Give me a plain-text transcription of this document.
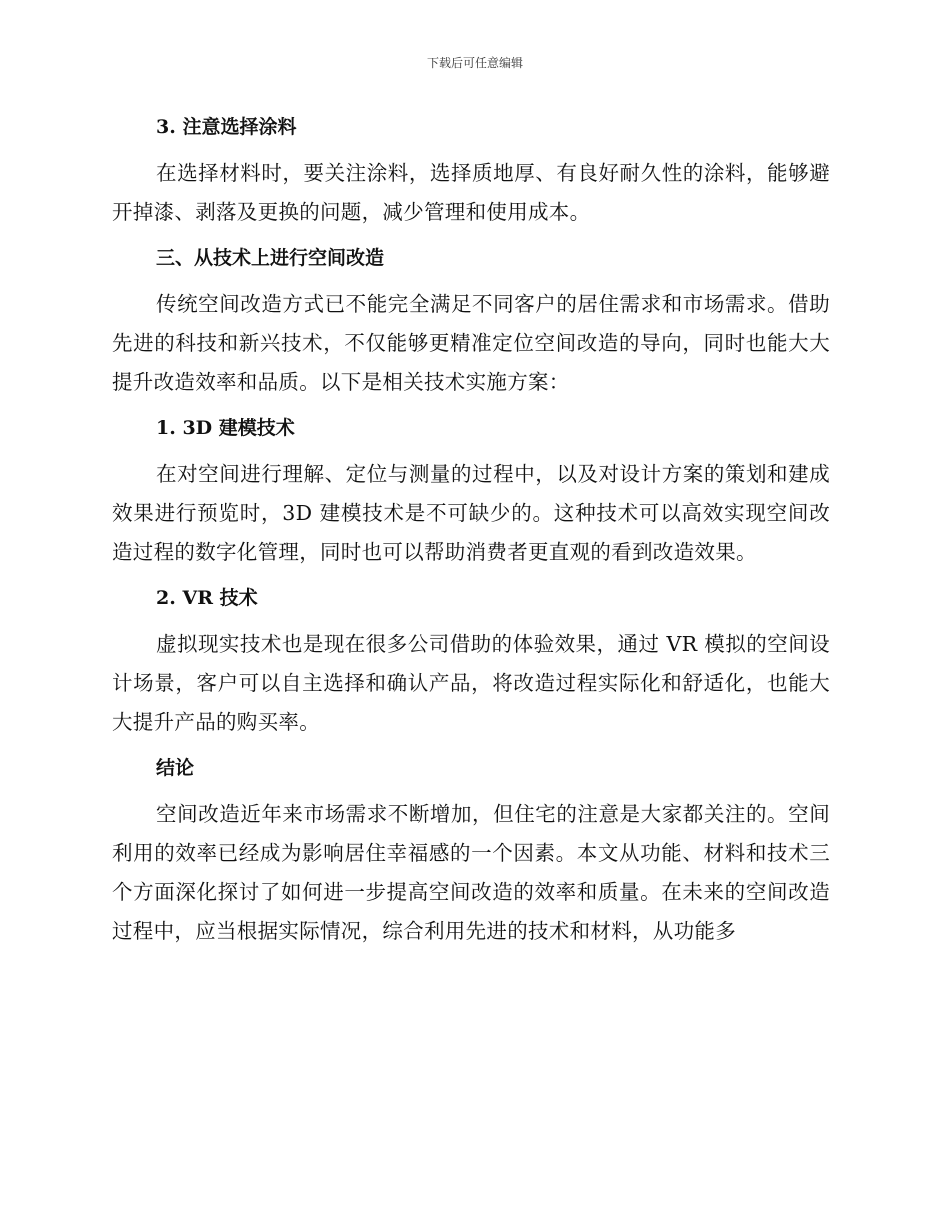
下载后可任意编辑
3. 注意选择涂料

在选择材料时，要关注涂料，选择质地厚、有良好耐久性的涂料，能够避开掉漆、剥落及更换的问题，减少管理和使用成本。

三、从技术上进行空间改造

传统空间改造方式已不能完全满足不同客户的居住需求和市场需求。借助先进的科技和新兴技术，不仅能够更精准定位空间改造的导向，同时也能大大提升改造效率和品质。以下是相关技术实施方案：

1. 3D 建模技术

在对空间进行理解、定位与测量的过程中，以及对设计方案的策划和建成效果进行预览时，3D 建模技术是不可缺少的。这种技术可以高效实现空间改造过程的数字化管理，同时也可以帮助消费者更直观的看到改造效果。

2. VR 技术

虚拟现实技术也是现在很多公司借助的体验效果，通过 VR 模拟的空间设计场景，客户可以自主选择和确认产品，将改造过程实际化和舒适化，也能大大提升产品的购买率。

结论

空间改造近年来市场需求不断增加，但住宅的注意是大家都关注的。空间利用的效率已经成为影响居住幸福感的一个因素。本文从功能、材料和技术三个方面深化探讨了如何进一步提高空间改造的效率和质量。在未来的空间改造过程中，应当根据实际情况，综合利用先进的技术和材料，从功能多
